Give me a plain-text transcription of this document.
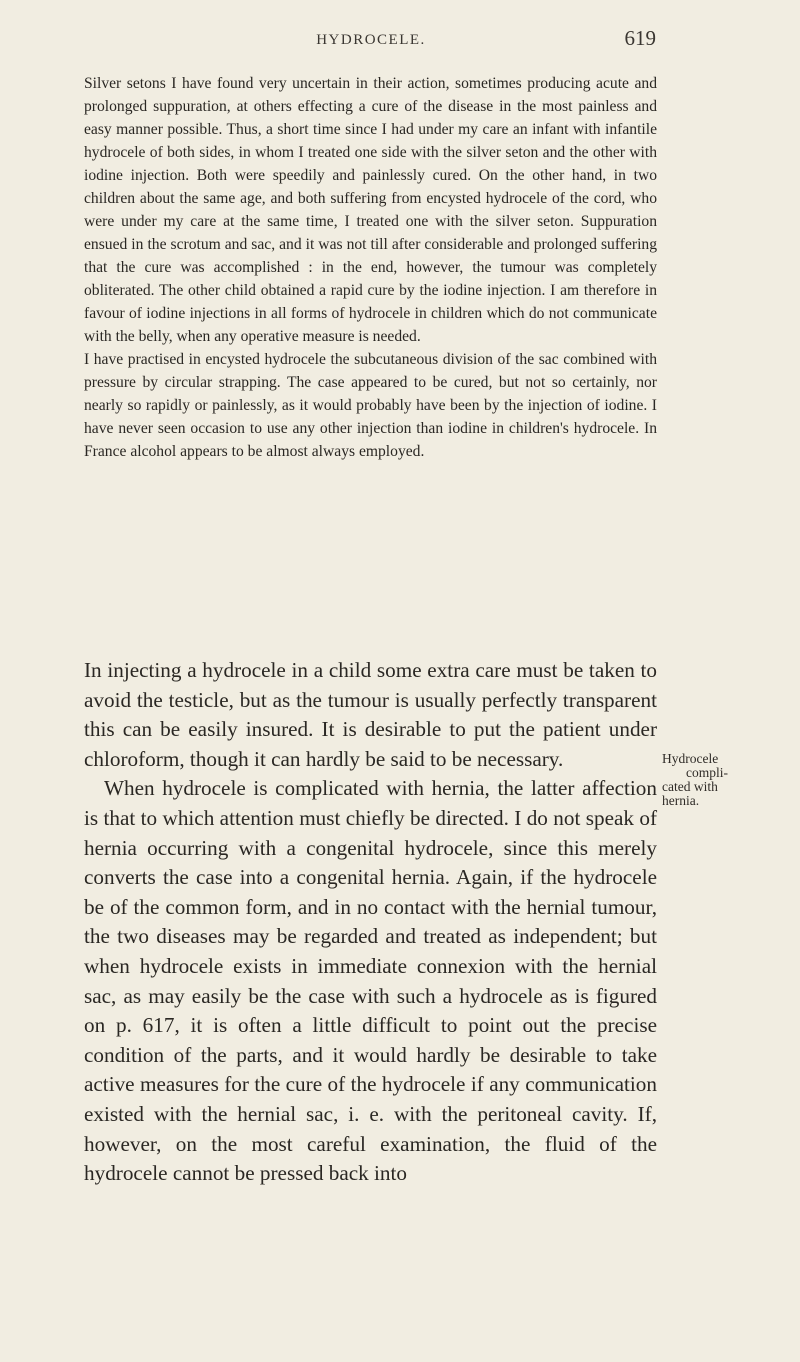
HYDROCELE.	619

Silver setons I have found very uncertain in their action, sometimes producing acute and prolonged suppuration, at others effecting a cure of the disease in the most painless and easy manner possible. Thus, a short time since I had under my care an infant with infantile hydrocele of both sides, in whom I treated one side with the silver seton and the other with iodine injection. Both were speedily and painlessly cured. On the other hand, in two children about the same age, and both suffering from encysted hydrocele of the cord, who were under my care at the same time, I treated one with the silver seton. Suppuration ensued in the scrotum and sac, and it was not till after considerable and prolonged suffering that the cure was accomplished : in the end, however, the tumour was completely obliterated. The other child obtained a rapid cure by the iodine injection. I am therefore in favour of iodine injections in all forms of hydrocele in children which do not communicate with the belly, when any operative measure is needed.

I have practised in encysted hydrocele the subcutaneous division of the sac combined with pressure by circular strapping. The case appeared to be cured, but not so certainly, nor nearly so rapidly or painlessly, as it would probably have been by the injection of iodine. I have never seen occasion to use any other injection than iodine in children's hydrocele. In France alcohol appears to be almost always employed.

In injecting a hydrocele in a child some extra care must be taken to avoid the testicle, but as the tumour is usually perfectly transparent this can be easily insured. It is desirable to put the patient under chloroform, though it can hardly be said to be necessary.

When hydrocele is complicated with hernia, the latter affection is that to which attention must chiefly be directed. I do not speak of hernia occurring with a congenital hydrocele, since this merely converts the case into a congenital hernia. Again, if the hydrocele be of the common form, and in no contact with the hernial tumour, the two diseases may be regarded and treated as independent; but when hydrocele exists in immediate connexion with the hernial sac, as may easily be the case with such a hydrocele as is figured on p. 617, it is often a little difficult to point out the precise condition of the parts, and it would hardly be desirable to take active measures for the cure of the hydrocele if any communication existed with the hernial sac, i. e. with the peritoneal cavity. If, however, on the most careful examination, the fluid of the hydrocele cannot be pressed back into

Hydrocele
compli-
cated with
hernia.
